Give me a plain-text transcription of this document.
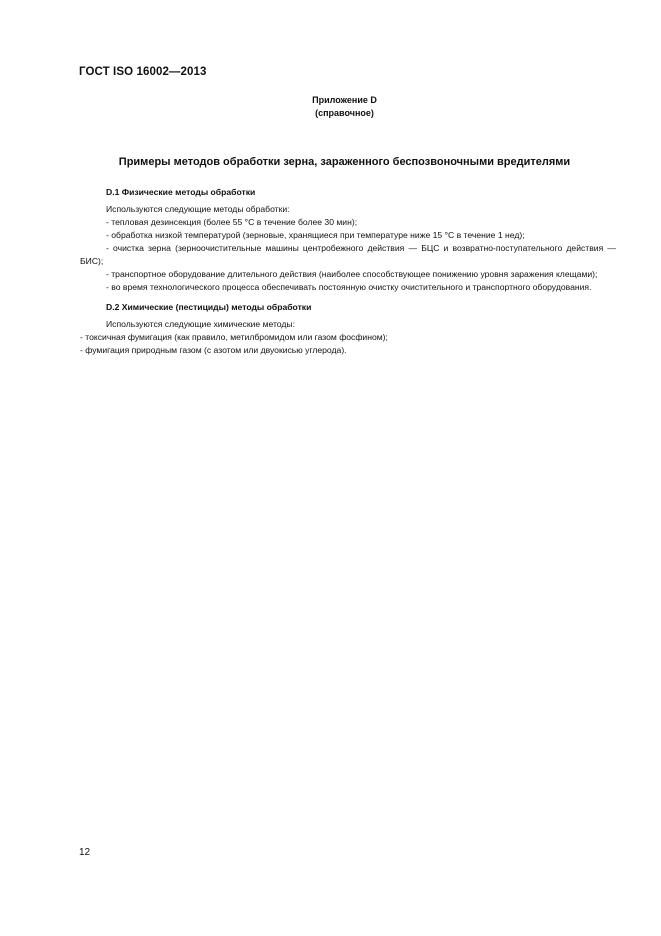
ГОСТ ISO 16002—2013
Приложение D
(справочное)
Примеры методов обработки зерна, зараженного беспозвоночными вредителями
D.1 Физические методы обработки
Используются следующие методы обработки:
- тепловая дезинсекция (более 55 °С в течение более 30 мин);
- обработка низкой температурой (зерновые, хранящиеся при температуре ниже 15 °С в течение 1 нед);
- очистка зерна (зерноочистительные машины центробежного действия — БЦС и возвратно-поступательного действия — БИС);
- транспортное оборудование длительного действия (наиболее способствующее понижению уровня заражения клещами);
- во время технологического процесса обеспечивать постоянную очистку очистительного и транспортного оборудования.
D.2 Химические (пестициды) методы обработки
Используются следующие химические методы:
- токсичная фумигация (как правило, метилбромидом или газом фосфином);
- фумигация природным газом (с азотом или двуокисью углерода).
12
